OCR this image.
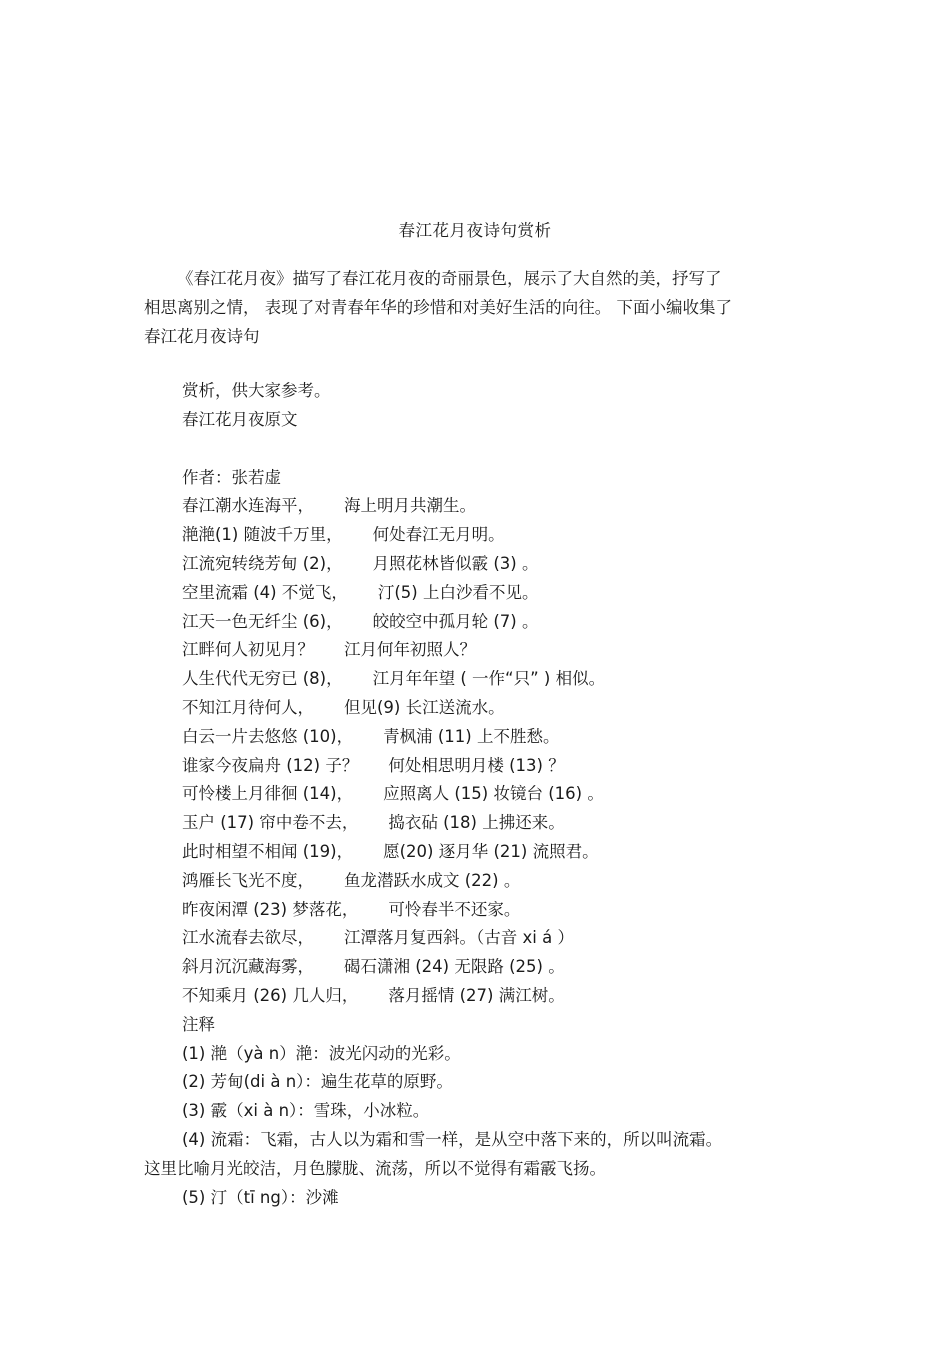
春江花月夜诗句赏析
《春江花月夜》描写了春江花月夜的奇丽景色，展示了大自然的美，抒写了
相思离别之情， 表现了对青春年华的珍惜和对美好生活的向往。 下面小编收集了
春江花月夜诗句
赏析，供大家参考。
春江花月夜原文
作者：张若虚
春江潮水连海平， 海上明月共潮生。
滟滟(1) 随波千万里， 何处春江无月明。
江流宛转绕芳甸 (2)， 月照花林皆似霰 (3) 。
空里流霜 (4) 不觉飞， 汀(5) 上白沙看不见。
江天一色无纤尘 (6)， 皎皎空中孤月轮 (7) 。
江畔何人初见月？ 江月何年初照人？
人生代代无穷已 (8)， 江月年年望 ( 一作“只” ) 相似。
不知江月待何人， 但见(9) 长江送流水。
白云一片去悠悠 (10)， 青枫浦 (11) 上不胜愁。
谁家今夜扁舟 (12) 子？ 何处相思明月楼 (13) ？
可怜楼上月徘徊 (14)， 应照离人 (15) 妆镜台 (16) 。
玉户 (17) 帘中卷不去， 捣衣砧 (18) 上拂还来。
此时相望不相闻 (19)， 愿(20) 逐月华 (21) 流照君。
鸿雁长飞光不度， 鱼龙潜跃水成文 (22) 。
昨夜闲潭 (23) 梦落花， 可怜春半不还家。
江水流春去欲尽， 江潭落月复西斜。（古音 xi á ）
斜月沉沉藏海雾， 碣石潇湘 (24) 无限路 (25) 。
不知乘月 (26) 几人归， 落月摇情 (27) 满江树。
注释
(1) 滟（yà n）滟：波光闪动的光彩。
(2) 芳甸(di à n）：遍生花草的原野。
(3) 霰（xi à n）：雪珠，小冰粒。
(4) 流霜：飞霜，古人以为霜和雪一样，是从空中落下来的，所以叫流霜。
这里比喻月光皎洁，月色朦胧、流荡，所以不觉得有霜霰飞扬。
(5) 汀（tī ng）：沙滩
